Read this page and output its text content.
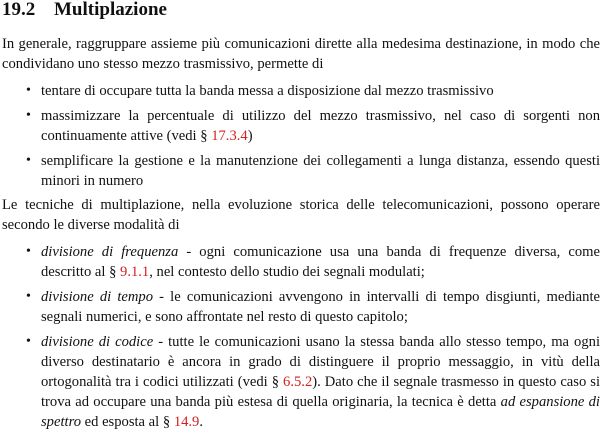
19.2 Multiplazione
In generale, raggruppare assieme più comunicazioni dirette alla medesima destinazione, in modo che condividano uno stesso mezzo trasmissivo, permette di
• tentare di occupare tutta la banda messa a disposizione dal mezzo trasmissivo
• massimizzare la percentuale di utilizzo del mezzo trasmissivo, nel caso di sorgenti non continuamente attive (vedi § 17.3.4)
• semplificare la gestione e la manutenzione dei collegamenti a lunga distanza, essendo questi minori in numero
Le tecniche di multiplazione, nella evoluzione storica delle telecomunicazioni, possono operare secondo le diverse modalità di
• divisione di frequenza - ogni comunicazione usa una banda di frequenze diversa, come descritto al § 9.1.1, nel contesto dello studio dei segnali modulati;
• divisione di tempo - le comunicazioni avvengono in intervalli di tempo disgiunti, mediante segnali numerici, e sono affrontate nel resto di questo capitolo;
• divisione di codice - tutte le comunicazioni usano la stessa banda allo stesso tempo, ma ogni diverso destinatario è ancora in grado di distinguere il proprio messaggio, in vitù della ortogonalità tra i codici utilizzati (vedi § 6.5.2). Dato che il segnale trasmesso in questo caso si trova ad occupare una banda più estesa di quella originaria, la tecnica è detta ad espansione di spettro ed esposta al § 14.9.
